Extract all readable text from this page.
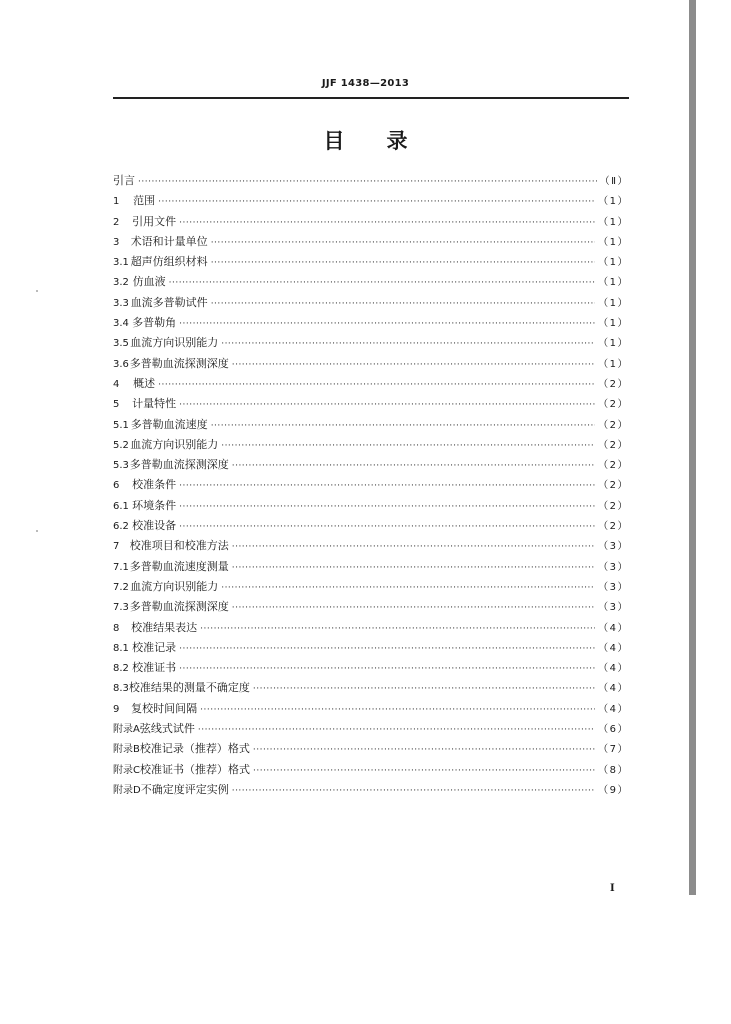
JJF 1438—2013
目 录
引言 ·····	（Ⅱ）
1	范围 ·····	（1）
2	引用文件 ·····	（1）
3	术语和计量单位 ·····	（1）
3.1 超声仿组织材料 ·····	（1）
3.2 仿血液 ·····	（1）
3.3 血流多普勒试件 ·····	（1）
3.4 多普勒角 ·····	（1）
3.5 血流方向识别能力 ·····	（1）
3.6 多普勒血流探测深度 ·····	（1）
4	概述 ·····	（2）
5	计量特性 ·····	（2）
5.1 多普勒血流速度 ·····	（2）
5.2 血流方向识别能力 ·····	（2）
5.3 多普勒血流探测深度 ·····	（2）
6	校准条件 ·····	（2）
6.1 环境条件 ·····	（2）
6.2 校准设备 ·····	（2）
7 校准项目和校准方法 ·····	（3）
7.1 多普勒血流速度测量 ·····	（3）
7.2 血流方向识别能力 ·····	（3）
7.3 多普勒血流探测深度 ·····	（3）
8	校准结果表达 ·····	（4）
8.1 校准记录 ·····	（4）
8.2 校准证书 ·····	（4）
8.3 校准结果的测量不确定度 ·····	（4）
9	复校时间间隔 ·····	（4）
附录A 弦线式试件 ·····	（6）
附录B 校准记录（推荐）格式 ·····	（7）
附录C 校准证书（推荐）格式 ·····	（8）
附录D 不确定度评定实例 ·····	（9）
I
